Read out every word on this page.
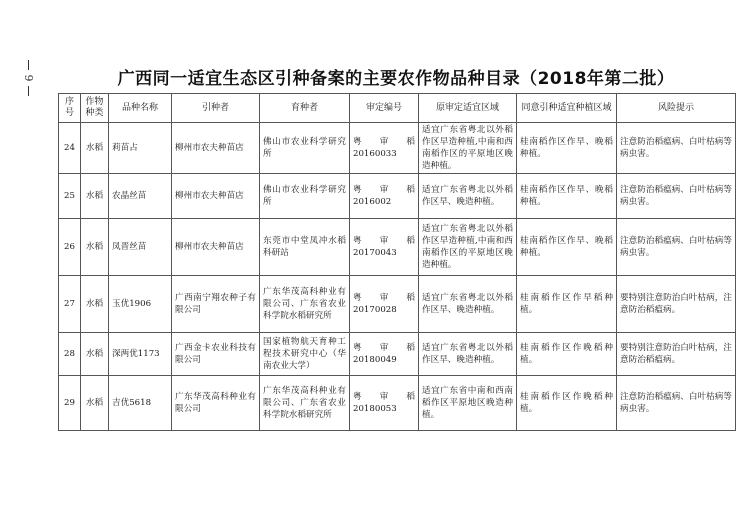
9	广西同一适宜生态区引种备案的主要农作物品种目录（2018年第二批）
序号	作物种类	品种名称	引种者	育种者	审定编号	原审定适宜区域	同意引种适宜种植区域	风险提示
24	水稻	莉苗占	柳州市农夫种苗店	佛山市农业科学研究所	粤审稻20160033	适宜广东省粤北以外稻作区早造种植,中南和西南稻作区的平原地区晚造种植。	桂南稻作区作早、晚稻种植。	注意防治稻瘟病、白叶枯病等病虫害。
25	水稻	农晶丝苗	柳州市农夫种苗店	佛山市农业科学研究所	粤审稻2016002	适宜广东省粤北以外稻作区早、晚造种植。	桂南稻作区作早、晚稻种植。	注意防治稻瘟病、白叶枯病等病虫害。
26	水稻	凤晋丝苗	柳州市农夫种苗店	东莞市中堂凤冲水稻科研站	粤审稻20170043	适宜广东省粤北以外稻作区早造种植,中南和西南稻作区的平原地区晚造种植。	桂南稻作区作早、晚稻种植。	注意防治稻瘟病、白叶枯病等病虫害。
27	水稻	玉优1906	广西南宁翔农种子有限公司	广东华茂高科种业有限公司、广东省农业科学院水稻研究所	粤审稻20170028	适宜广东省粤北以外稻作区早、晚造种植。	桂南稻作区作早稻种植。	要特别注意防治白叶枯病，注意防治稻瘟病。
28	水稻	深两优1173	广西金卡农业科技有限公司	国家植物航天育种工程技术研究中心（华南农业大学）	粤审稻20180049	适宜广东省粤北以外稻作区早、晚造种植。	桂南稻作区作晚稻种植。	要特别注意防治白叶枯病，注意防治稻瘟病。
29	水稻	吉优5618	广东华茂高科种业有限公司	广东华茂高科种业有限公司、广东省农业科学院水稻研究所	粤审稻20180053	适宜广东省中南和西南稻作区平原地区晚造种植。	桂南稻作区作晚稻种植。	注意防治稻瘟病、白叶枯病等病虫害。
